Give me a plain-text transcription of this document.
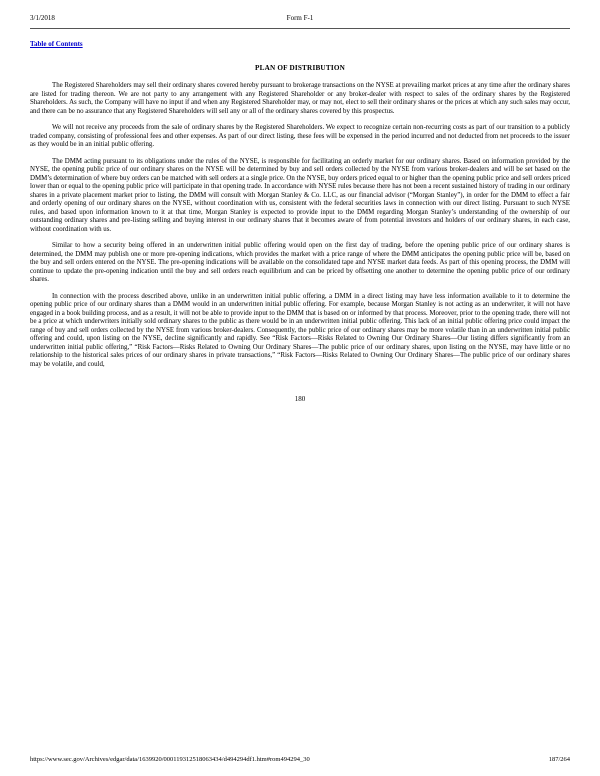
3/1/2018	Form F-1
Table of Contents
PLAN OF DISTRIBUTION

The Registered Shareholders may sell their ordinary shares covered hereby pursuant to brokerage transactions on the NYSE at prevailing market prices at any time after the ordinary shares are listed for trading thereon. We are not party to any arrangement with any Registered Shareholder or any broker-dealer with respect to sales of the ordinary shares by the Registered Shareholders. As such, the Company will have no input if and when any Registered Shareholder may, or may not, elect to sell their ordinary shares or the prices at which any such sales may occur, and there can be no assurance that any Registered Shareholders will sell any or all of the ordinary shares covered by this prospectus.

We will not receive any proceeds from the sale of ordinary shares by the Registered Shareholders. We expect to recognize certain non-recurring costs as part of our transition to a publicly traded company, consisting of professional fees and other expenses. As part of our direct listing, these fees will be expensed in the period incurred and not deducted from net proceeds to the issuer as they would be in an initial public offering.

The DMM acting pursuant to its obligations under the rules of the NYSE, is responsible for facilitating an orderly market for our ordinary shares. Based on information provided by the NYSE, the opening public price of our ordinary shares on the NYSE will be determined by buy and sell orders collected by the NYSE from various broker-dealers and will be set based on the DMM’s determination of where buy orders can be matched with sell orders at a single price. On the NYSE, buy orders priced equal to or higher than the opening public price and sell orders priced lower than or equal to the opening public price will participate in that opening trade. In accordance with NYSE rules because there has not been a recent sustained history of trading in our ordinary shares in a private placement market prior to listing, the DMM will consult with Morgan Stanley & Co. LLC, as our financial advisor (“Morgan Stanley”), in order for the DMM to effect a fair and orderly opening of our ordinary shares on the NYSE, without coordination with us, consistent with the federal securities laws in connection with our direct listing. Pursuant to such NYSE rules, and based upon information known to it at that time, Morgan Stanley is expected to provide input to the DMM regarding Morgan Stanley’s understanding of the ownership of our outstanding ordinary shares and pre-listing selling and buying interest in our ordinary shares that it becomes aware of from potential investors and holders of our ordinary shares, in each case, without coordination with us.

Similar to how a security being offered in an underwritten initial public offering would open on the first day of trading, before the opening public price of our ordinary shares is determined, the DMM may publish one or more pre-opening indications, which provides the market with a price range of where the DMM anticipates the opening public price will be, based on the buy and sell orders entered on the NYSE. The pre-opening indications will be available on the consolidated tape and NYSE market data feeds. As part of this opening process, the DMM will continue to update the pre-opening indication until the buy and sell orders reach equilibrium and can be priced by offsetting one another to determine the opening public price of our ordinary shares.

In connection with the process described above, unlike in an underwritten initial public offering, a DMM in a direct listing may have less information available to it to determine the opening public price of our ordinary shares than a DMM would in an underwritten initial public offering. For example, because Morgan Stanley is not acting as an underwriter, it will not have engaged in a book building process, and as a result, it will not be able to provide input to the DMM that is based on or informed by that process. Moreover, prior to the opening trade, there will not be a price at which underwriters initially sold ordinary shares to the public as there would be in an underwritten initial public offering. This lack of an initial public offering price could impact the range of buy and sell orders collected by the NYSE from various broker-dealers. Consequently, the public price of our ordinary shares may be more volatile than in an underwritten initial public offering and could, upon listing on the NYSE, decline significantly and rapidly. See “Risk Factors—Risks Related to Owning Our Ordinary Shares—Our listing differs significantly from an underwritten initial public offering,” “Risk Factors—Risks Related to Owning Our Ordinary Shares—The public price of our ordinary shares, upon listing on the NYSE, may have little or no relationship to the historical sales prices of our ordinary shares in private transactions,” “Risk Factors—Risks Related to Owning Our Ordinary Shares—The public price of our ordinary shares may be volatile, and could,

180
https://www.sec.gov/Archives/edgar/data/1639920/000119312518063434/d494294df1.htm#rom494294_30	187/264
